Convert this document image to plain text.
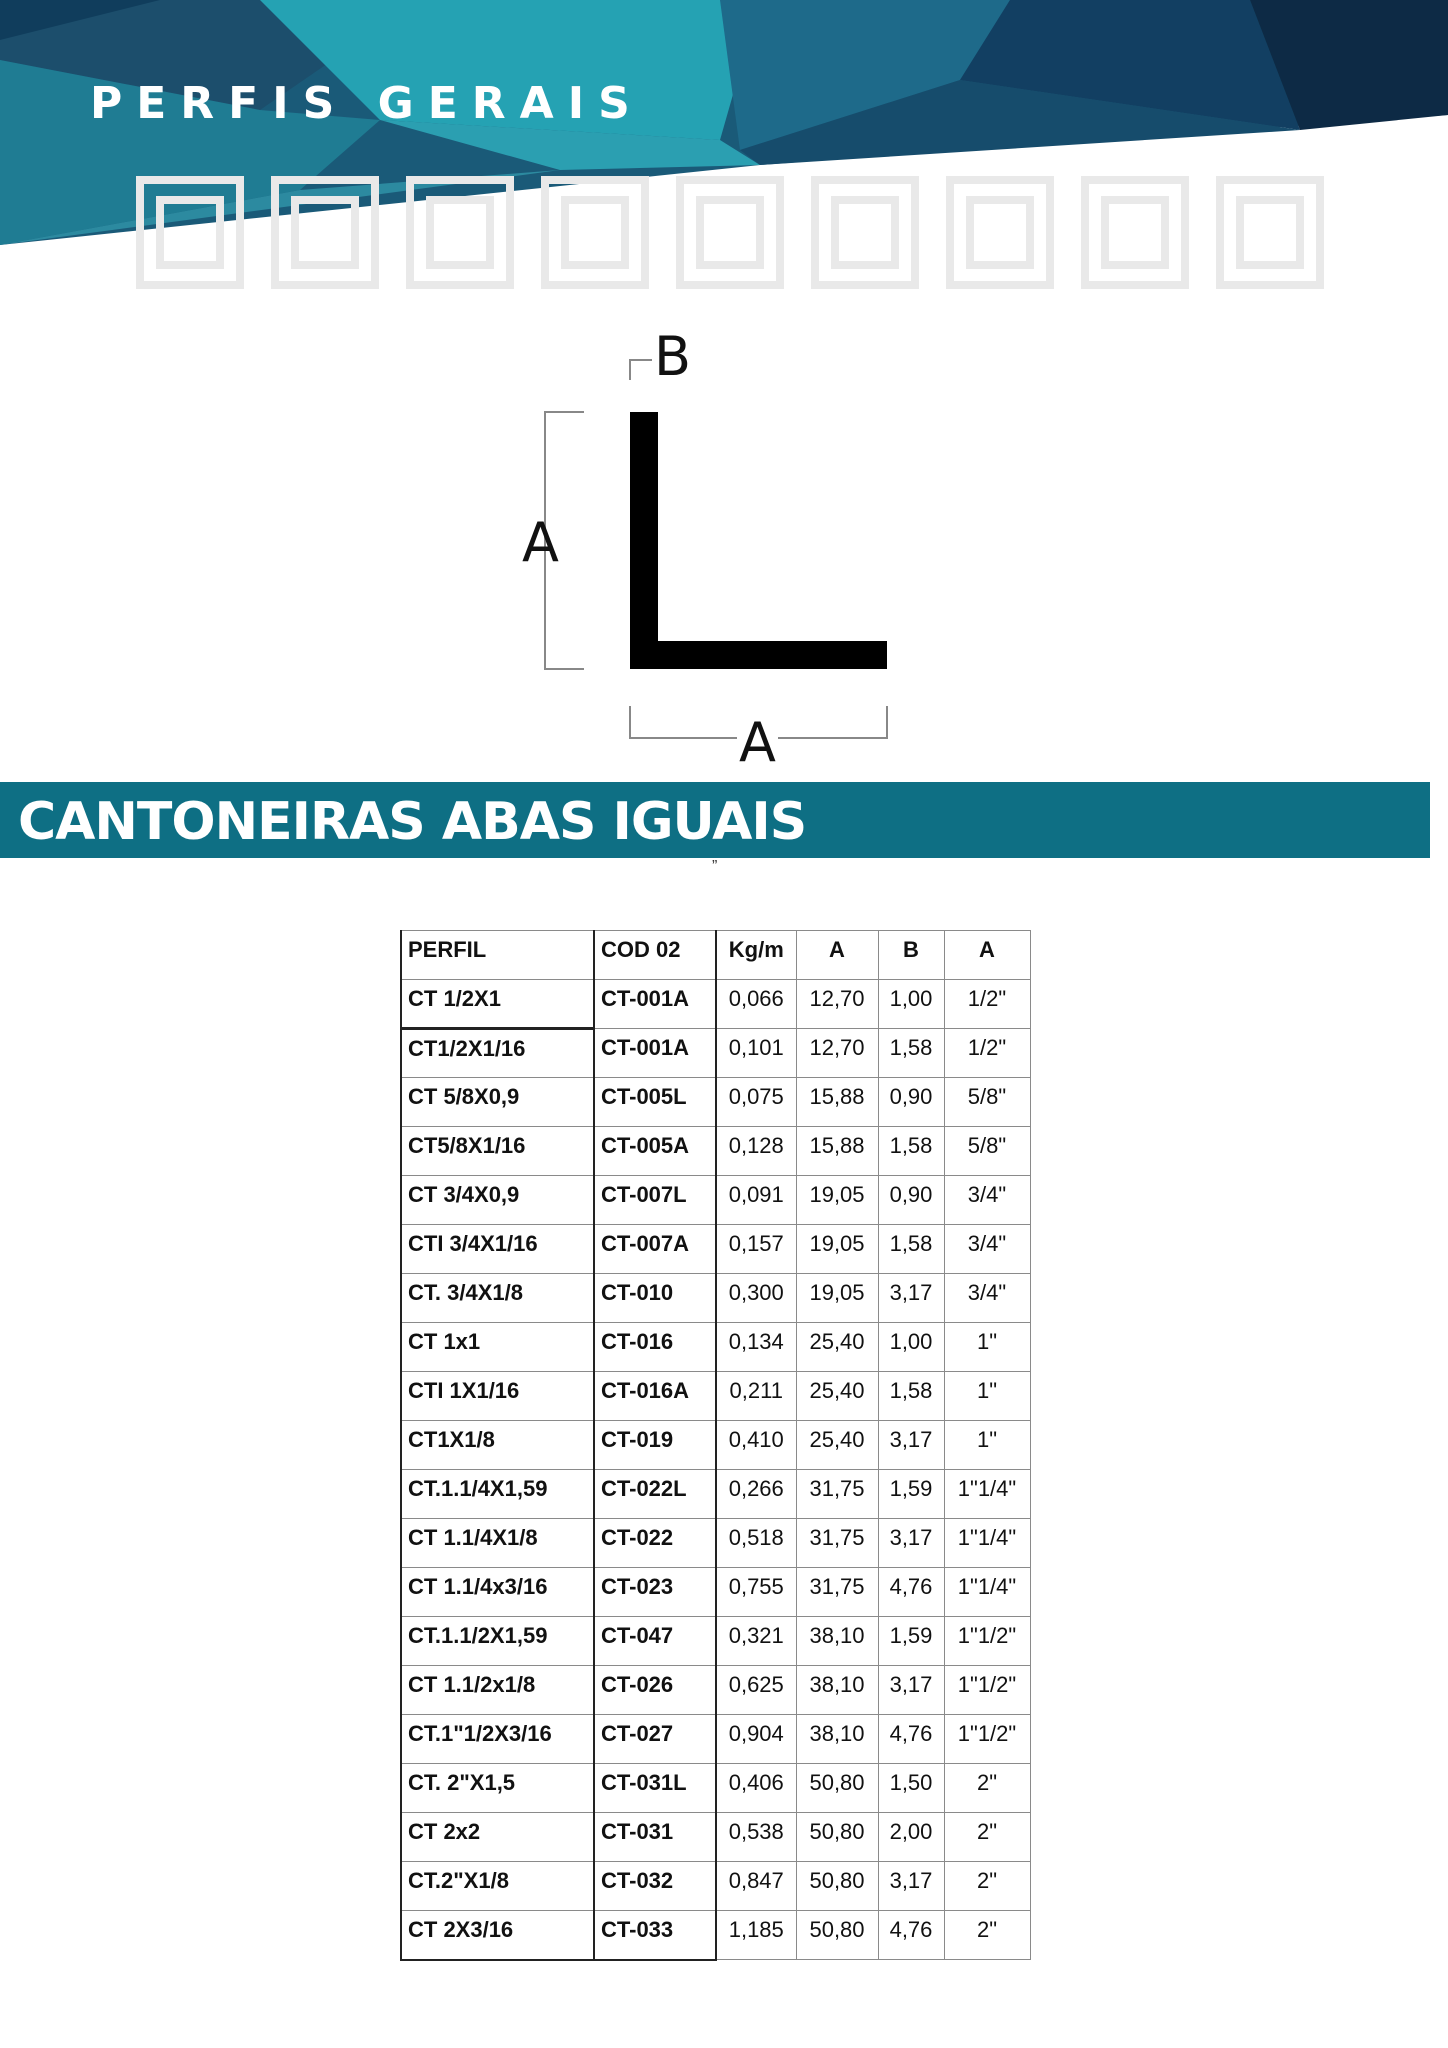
PERFIS GERAIS
B
A
A
CANTONEIRAS ABAS IGUAIS
”
PERFIL	COD 02	Kg/m	A	B	A
CT 1/2X1	CT-001A	0,066	12,70	1,00	1/2"
CT1/2X1/16	CT-001A	0,101	12,70	1,58	1/2"
CT 5/8X0,9	CT-005L	0,075	15,88	0,90	5/8"
CT5/8X1/16	CT-005A	0,128	15,88	1,58	5/8"
CT 3/4X0,9	CT-007L	0,091	19,05	0,90	3/4"
CTI 3/4X1/16	CT-007A	0,157	19,05	1,58	3/4"
CT. 3/4X1/8	CT-010	0,300	19,05	3,17	3/4"
CT 1x1	CT-016	0,134	25,40	1,00	1"
CTI 1X1/16	CT-016A	0,211	25,40	1,58	1"
CT1X1/8	CT-019	0,410	25,40	3,17	1"
CT.1.1/4X1,59	CT-022L	0,266	31,75	1,59	1"1/4"
CT 1.1/4X1/8	CT-022	0,518	31,75	3,17	1"1/4"
CT 1.1/4x3/16	CT-023	0,755	31,75	4,76	1"1/4"
CT.1.1/2X1,59	CT-047	0,321	38,10	1,59	1"1/2"
CT 1.1/2x1/8	CT-026	0,625	38,10	3,17	1"1/2"
CT.1"1/2X3/16	CT-027	0,904	38,10	4,76	1"1/2"
CT. 2"X1,5	CT-031L	0,406	50,80	1,50	2"
CT 2x2	CT-031	0,538	50,80	2,00	2"
CT.2"X1/8	CT-032	0,847	50,80	3,17	2"
CT 2X3/16	CT-033	1,185	50,80	4,76	2"
